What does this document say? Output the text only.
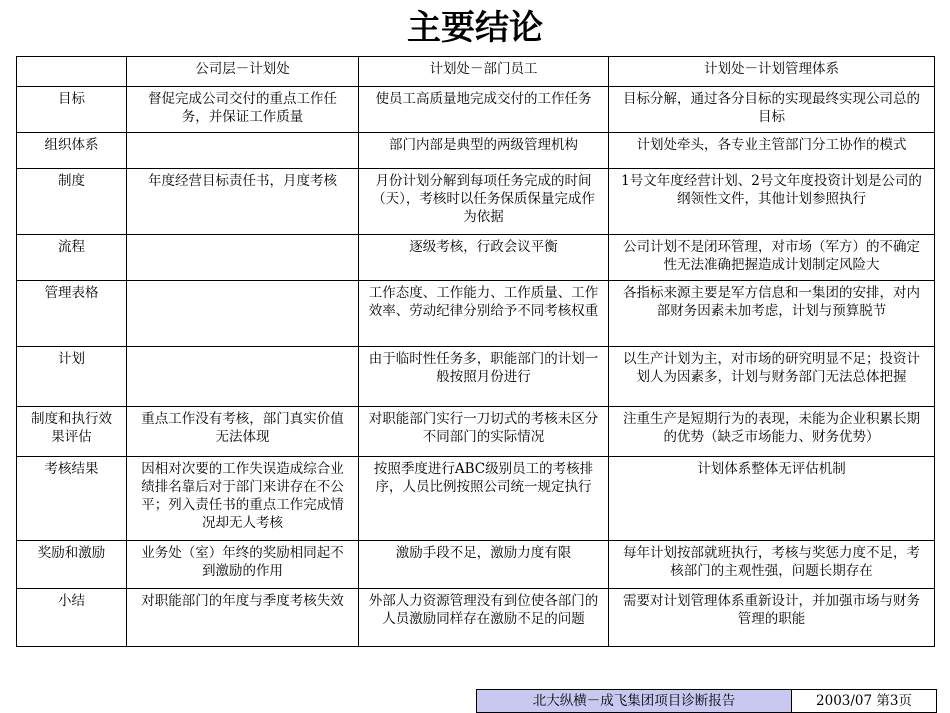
主要结论
	公司层－计划处	计划处－部门员工	计划处－计划管理体系
目标	督促完成公司交付的重点工作任务，并保证工作质量	使员工高质量地完成交付的工作任务	目标分解，通过各分目标的实现最终实现公司总的目标
组织体系		部门内部是典型的两级管理机构	计划处牵头，各专业主管部门分工协作的模式
制度	年度经营目标责任书，月度考核	月份计划分解到每项任务完成的时间（天），考核时以任务保质保量完成作为依据	1号文年度经营计划、2号文年度投资计划是公司的纲领性文件，其他计划参照执行
流程		逐级考核，行政会议平衡	公司计划不是闭环管理，对市场（军方）的不确定性无法准确把握造成计划制定风险大
管理表格		工作态度、工作能力、工作质量、工作效率、劳动纪律分别给予不同考核权重	各指标来源主要是军方信息和一集团的安排，对内部财务因素未加考虑，计划与预算脱节
计划		由于临时性任务多，职能部门的计划一般按照月份进行	以生产计划为主，对市场的研究明显不足；投资计划人为因素多，计划与财务部门无法总体把握
制度和执行效果评估	重点工作没有考核，部门真实价值无法体现	对职能部门实行一刀切式的考核未区分不同部门的实际情况	注重生产是短期行为的表现，未能为企业积累长期的优势（缺乏市场能力、财务优势）
考核结果	因相对次要的工作失误造成综合业绩排名靠后对于部门来讲存在不公平；列入责任书的重点工作完成情况却无人考核	按照季度进行ABC级别员工的考核排序，人员比例按照公司统一规定执行	计划体系整体无评估机制
奖励和激励	业务处（室）年终的奖励相同起不到激励的作用	激励手段不足，激励力度有限	每年计划按部就班执行，考核与奖惩力度不足，考核部门的主观性强，问题长期存在
小结	对职能部门的年度与季度考核失效	外部人力资源管理没有到位使各部门的人员激励同样存在激励不足的问题	需要对计划管理体系重新设计，并加强市场与财务管理的职能
北大纵横－成飞集团项目诊断报告	2003/07 第3页
